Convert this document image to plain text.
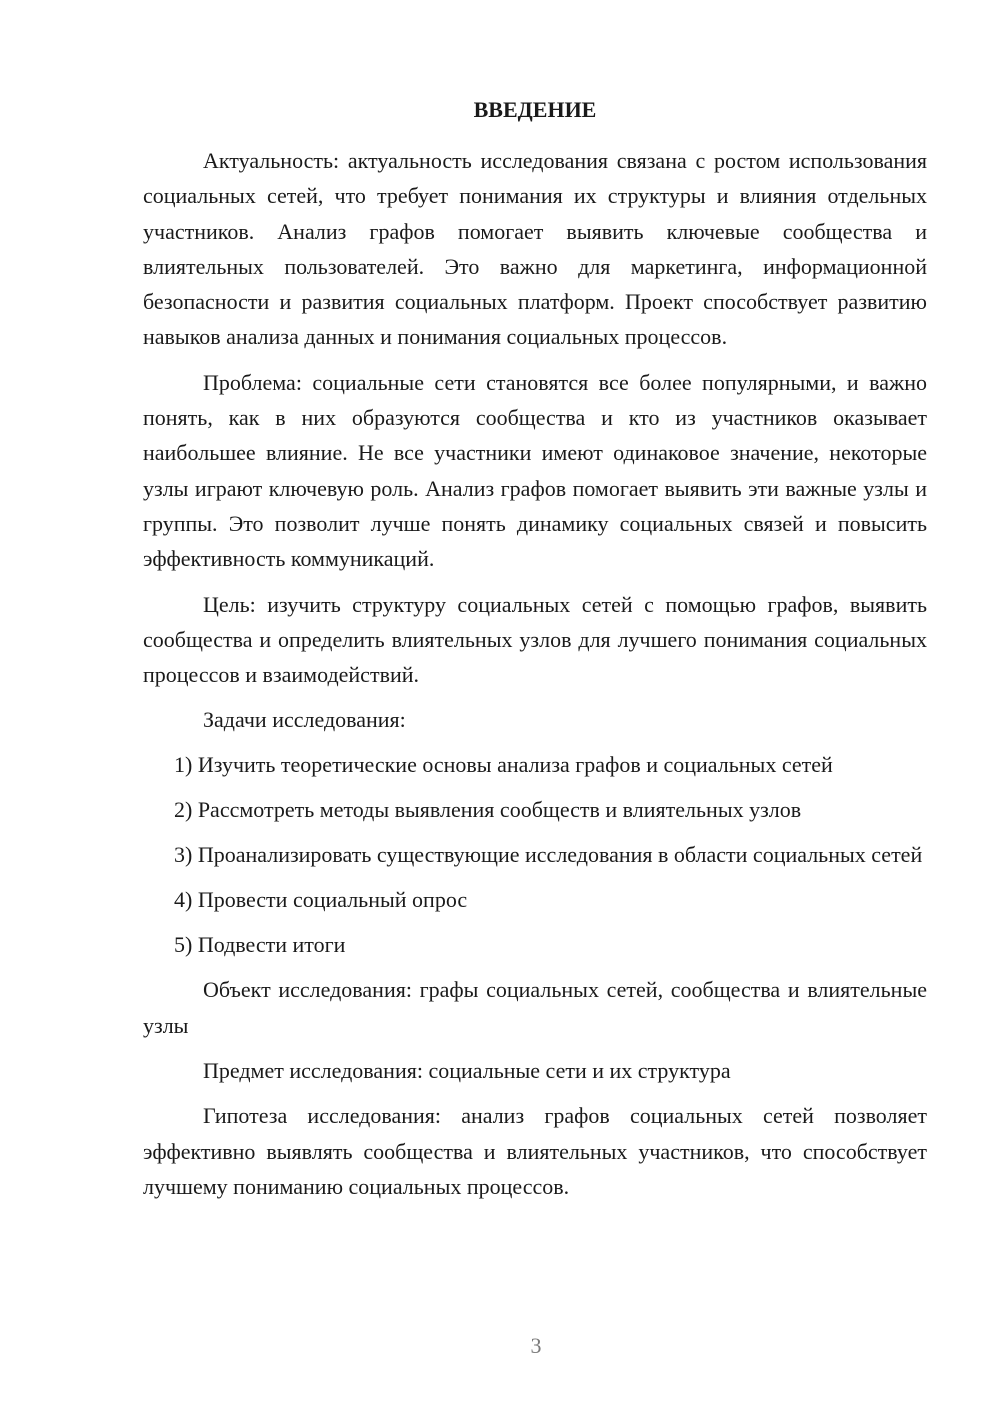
ВВЕДЕНИЕ

Актуальность: актуальность исследования связана с ростом использования социальных сетей, что требует понимания их структуры и влияния отдельных участников. Анализ графов помогает выявить ключевые сообщества и влиятельных пользователей. Это важно для маркетинга, информационной безопасности и развития социальных платформ. Проект способствует развитию навыков анализа данных и понимания социальных процессов.

Проблема: социальные сети становятся все более популярными, и важно понять, как в них образуются сообщества и кто из участников оказывает наибольшее влияние. Не все участники имеют одинаковое значение, некоторые узлы играют ключевую роль. Анализ графов помогает выявить эти важные узлы и группы. Это позволит лучше понять динамику социальных связей и повысить эффективность коммуникаций.

Цель: изучить структуру социальных сетей с помощью графов, выявить сообщества и определить влиятельных узлов для лучшего понимания социальных процессов и взаимодействий.

Задачи исследования:

1) Изучить теоретические основы анализа графов и социальных сетей

2) Рассмотреть методы выявления сообществ и влиятельных узлов

3) Проанализировать существующие исследования в области социальных сетей

4) Провести социальный опрос

5) Подвести итоги

Объект исследования: графы социальных сетей, сообщества и влиятельные узлы

Предмет исследования: социальные сети и их структура

Гипотеза исследования: анализ графов социальных сетей позволяет эффективно выявлять сообщества и влиятельных участников, что способствует лучшему пониманию социальных процессов.

3
